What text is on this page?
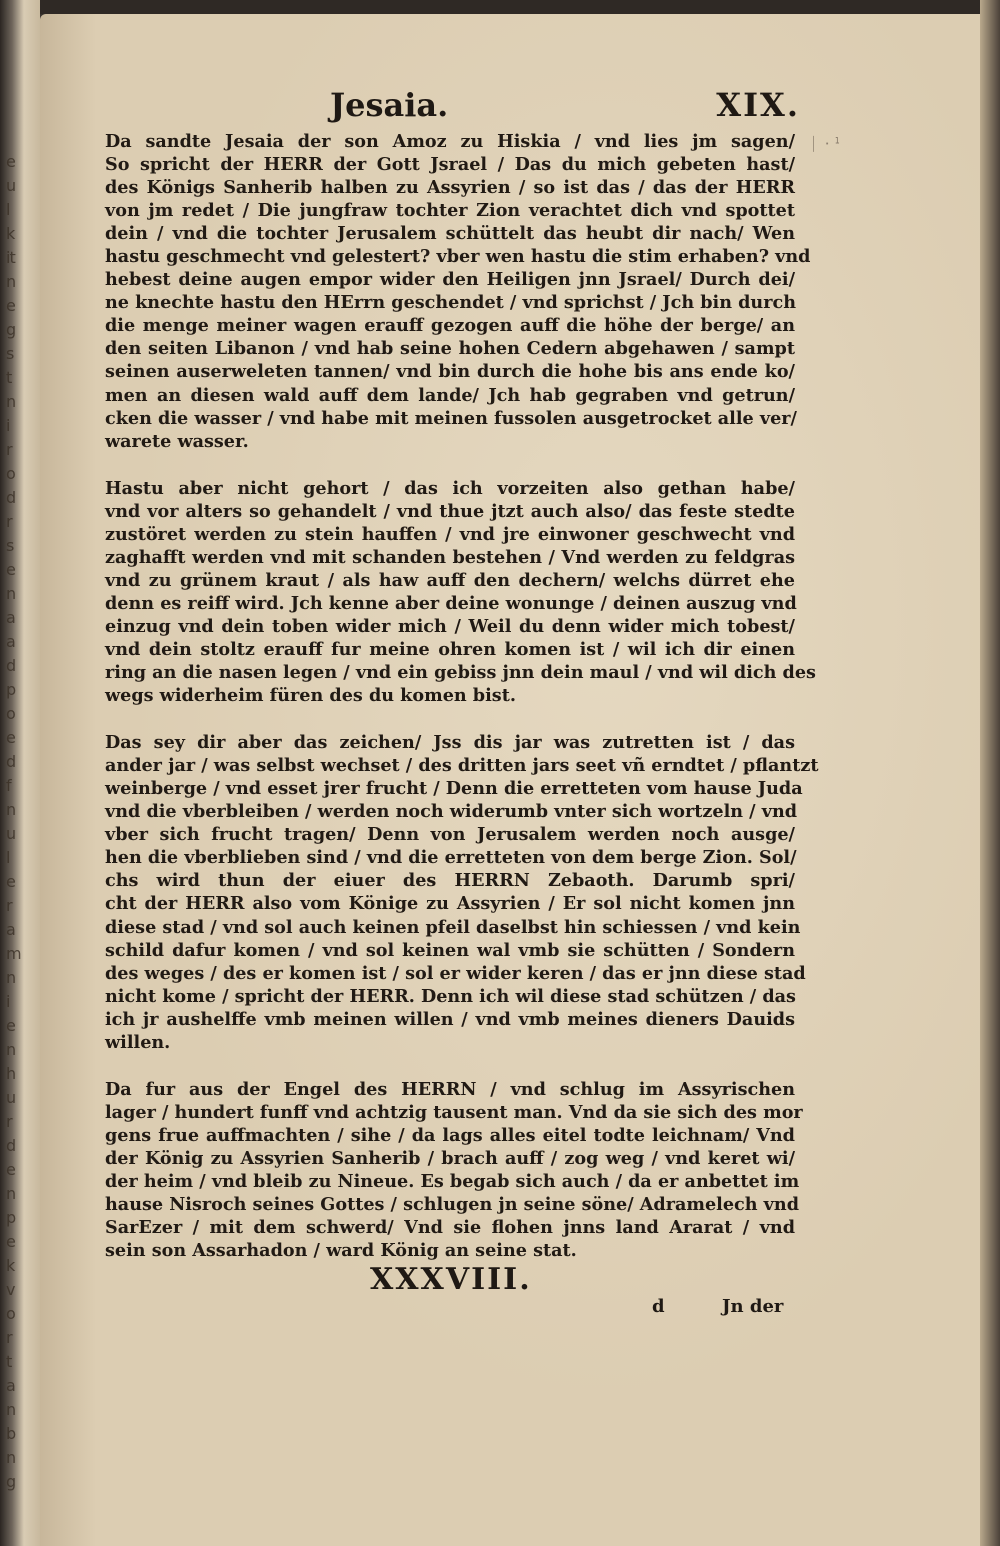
e
u
l
k
it
n
e
g
s
t
n
i
r
o
d
r
s
e
n
a
a
d
p
o
e
d
f
n
u
l
e
r
a
m
n
i
e
n
h
u
r
d
e
n
p
e
k
v
o
r
t
a
n
b
n
g
Jesaia.	XIX.
ᛁ ᐧ ᣳ
Da sandte Jesaia der son Amoz zu Hiskia / vnd lies jm sagen/
So spricht der HERR der Gott Jsrael / Das du mich gebeten hast/
des Königs Sanherib halben zu Assyrien / so ist das / das der HERR
von jm redet / Die jungfraw tochter Zion verachtet dich vnd spottet
dein / vnd die tochter Jerusalem schüttelt das heubt dir nach/ Wen
hastu geschmecht vnd gelestert? vber wen hastu die stim erhaben? vnd
hebest deine augen empor wider den Heiligen jnn Jsrael/ Durch dei/
ne knechte hastu den HErrn geschendet / vnd sprichst / Jch bin durch
die menge meiner wagen erauff gezogen auff die höhe der berge/ an
den seiten Libanon / vnd hab seine hohen Cedern abgehawen / sampt
seinen auserweleten tannen/ vnd bin durch die hohe bis ans ende ko/
men an diesen wald auff dem lande/ Jch hab gegraben vnd getrun/
cken die wasser / vnd habe mit meinen fussolen ausgetrocket alle ver/
warete wasser.
Hastu aber nicht gehort / das ich vorzeiten also gethan habe/
vnd vor alters so gehandelt / vnd thue jtzt auch also/ das feste stedte
zustöret werden zu stein hauffen / vnd jre einwoner geschwecht vnd
zaghafft werden vnd mit schanden bestehen / Vnd werden zu feldgras
vnd zu grünem kraut / als haw auff den dechern/ welchs dürret ehe
denn es reiff wird. Jch kenne aber deine wonunge / deinen auszug vnd
einzug vnd dein toben wider mich / Weil du denn wider mich tobest/
vnd dein stoltz erauff fur meine ohren komen ist / wil ich dir einen
ring an die nasen legen / vnd ein gebiss jnn dein maul / vnd wil dich des
wegs widerheim füren des du komen bist.
Das sey dir aber das zeichen/ Jss dis jar was zutretten ist / das
ander jar / was selbst wechset / des dritten jars seet vñ erndtet / pflantzt
weinberge / vnd esset jrer frucht / Denn die erretteten vom hause Juda
vnd die vberbleiben / werden noch widerumb vnter sich wortzeln / vnd
vber sich frucht tragen/ Denn von Jerusalem werden noch ausge/
hen die vberblieben sind / vnd die erretteten von dem berge Zion. Sol/
chs wird thun der eiuer des HERRN Zebaoth. Darumb spri/
cht der HERR also vom Könige zu Assyrien / Er sol nicht komen jnn
diese stad / vnd sol auch keinen pfeil daselbst hin schiessen / vnd kein
schild dafur komen / vnd sol keinen wal vmb sie schütten / Sondern
des weges / des er komen ist / sol er wider keren / das er jnn diese stad
nicht kome / spricht der HERR. Denn ich wil diese stad schützen / das
ich jr aushelffe vmb meinen willen / vnd vmb meines dieners Dauids
willen.
Da fur aus der Engel des HERRN / vnd schlug im Assyrischen
lager / hundert funff vnd achtzig tausent man. Vnd da sie sich des mor
gens frue auffmachten / sihe / da lags alles eitel todte leichnam/ Vnd
der König zu Assyrien Sanherib / brach auff / zog weg / vnd keret wi/
der heim / vnd bleib zu Nineue. Es begab sich auch / da er anbettet im
hause Nisroch seines Gottes / schlugen jn seine söne/ Adramelech vnd
SarEzer / mit dem schwerd/ Vnd sie flohen jnns land Ararat / vnd
sein son Assarhadon / ward König an seine stat.
XXXVIII.
d	Jn der
